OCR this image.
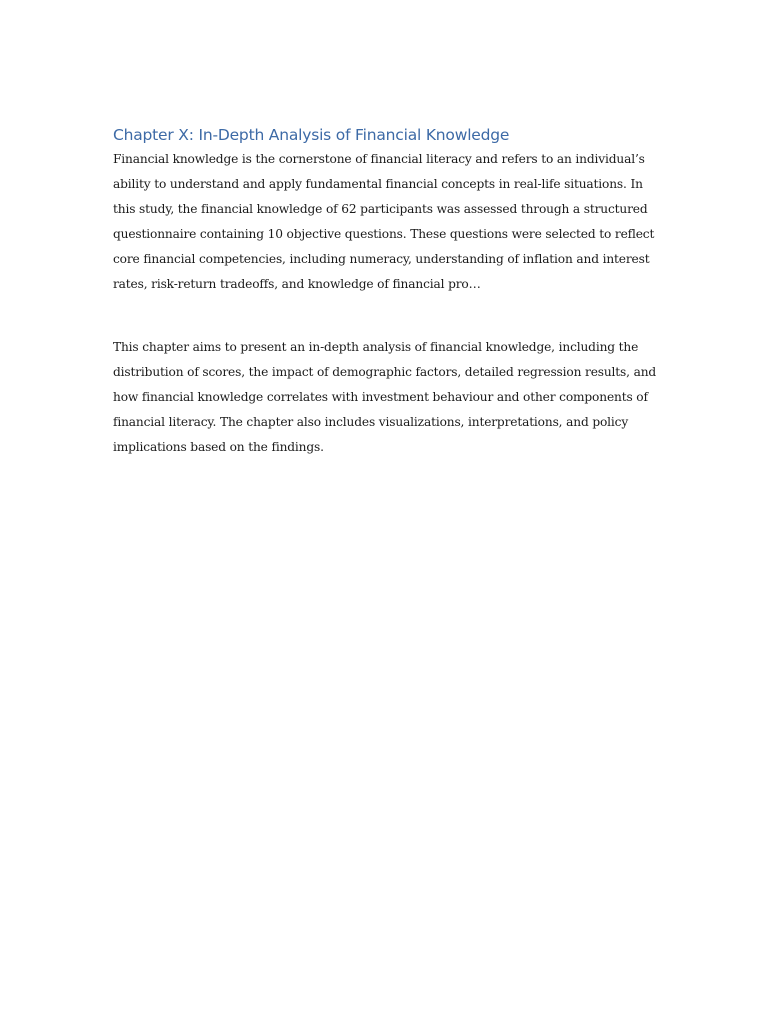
Chapter X: In-Depth Analysis of Financial Knowledge

Financial knowledge is the cornerstone of financial literacy and refers to an individual’s ability to understand and apply fundamental financial concepts in real-life situations. In this study, the financial knowledge of 62 participants was assessed through a structured questionnaire containing 10 objective questions. These questions were selected to reflect core financial competencies, including numeracy, understanding of inflation and interest rates, risk-return tradeoffs, and knowledge of financial pro…

This chapter aims to present an in-depth analysis of financial knowledge, including the distribution of scores, the impact of demographic factors, detailed regression results, and how financial knowledge correlates with investment behaviour and other components of financial literacy. The chapter also includes visualizations, interpretations, and policy implications based on the findings.
